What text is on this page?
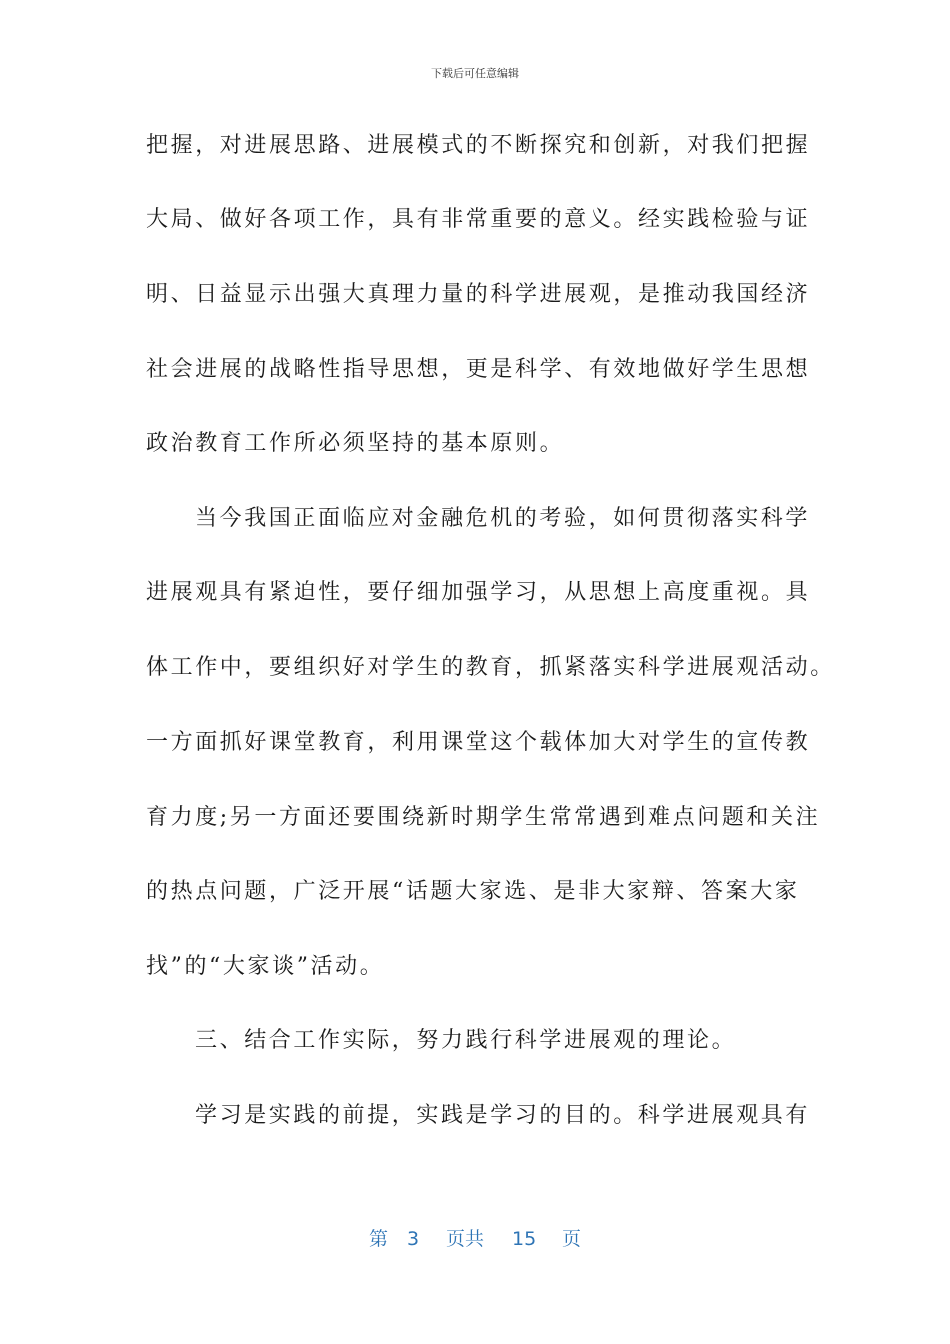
下载后可任意编辑
把握，对进展思路、进展模式的不断探究和创新，对我们把握
大局、做好各项工作，具有非常重要的意义。经实践检验与证
明、日益显示出强大真理力量的科学进展观，是推动我国经济
社会进展的战略性指导思想，更是科学、有效地做好学生思想
政治教育工作所必须坚持的基本原则。
当今我国正面临应对金融危机的考验，如何贯彻落实科学
进展观具有紧迫性，要仔细加强学习，从思想上高度重视。具
体工作中，要组织好对学生的教育，抓紧落实科学进展观活动。
一方面抓好课堂教育，利用课堂这个载体加大对学生的宣传教
育力度;另一方面还要围绕新时期学生常常遇到难点问题和关注
的热点问题，广泛开展“话题大家选、是非大家辩、答案大家
找”的“大家谈”活动。
三、结合工作实际，努力践行科学进展观的理论。
学习是实践的前提，实践是学习的目的。科学进展观具有
第 3 页共 15 页
